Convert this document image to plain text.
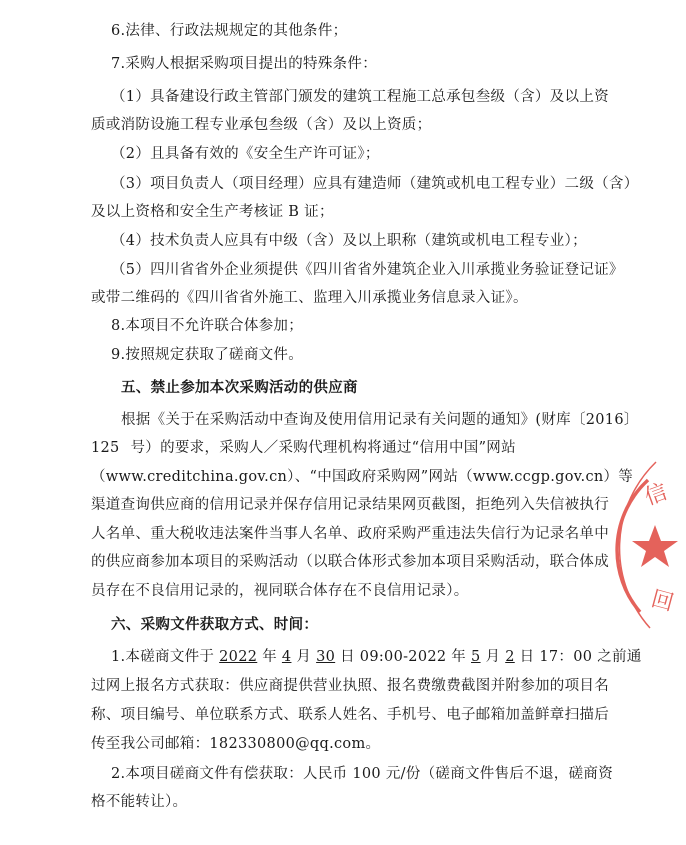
6.法律、行政法规规定的其他条件；
7.采购人根据采购项目提出的特殊条件：
（1）具备建设行政主管部门颁发的建筑工程施工总承包叁级（含）及以上资
质或消防设施工程专业承包叁级（含）及以上资质；
（2）且具备有效的《安全生产许可证》；
（3）项目负责人（项目经理）应具有建造师（建筑或机电工程专业）二级（含）
及以上资格和安全生产考核证 B 证；
（4）技术负责人应具有中级（含）及以上职称（建筑或机电工程专业）；
（5）四川省省外企业须提供《四川省省外建筑企业入川承揽业务验证登记证》
或带二维码的《四川省省外施工、监理入川承揽业务信息录入证》。
8.本项目不允许联合体参加；
9.按照规定获取了磋商文件。
五、禁止参加本次采购活动的供应商
根据《关于在采购活动中查询及使用信用记录有关问题的通知》(财库〔2016〕
125 号）的要求，采购人／采购代理机构将通过“信用中国”网站
（www.creditchina.gov.cn）、“中国政府采购网”网站（www.ccgp.gov.cn）等
渠道查询供应商的信用记录并保存信用记录结果网页截图，拒绝列入失信被执行
人名单、重大税收违法案件当事人名单、政府采购严重违法失信行为记录名单中
的供应商参加本项目的采购活动（以联合体形式参加本项目采购活动，联合体成
员存在不良信用记录的，视同联合体存在不良信用记录）。
六、采购文件获取方式、时间：
1.本磋商文件于 2022 年 4 月 30 日 09:00-2022 年 5 月 2 日 17：00 之前通
过网上报名方式获取：供应商提供营业执照、报名费缴费截图并附参加的项目名
称、项目编号、单位联系方式、联系人姓名、手机号、电子邮箱加盖鲜章扫描后
传至我公司邮箱：182330800@qq.com。
2.本项目磋商文件有偿获取：人民币 100 元/份（磋商文件售后不退，磋商资
格不能转让）。
信
回
